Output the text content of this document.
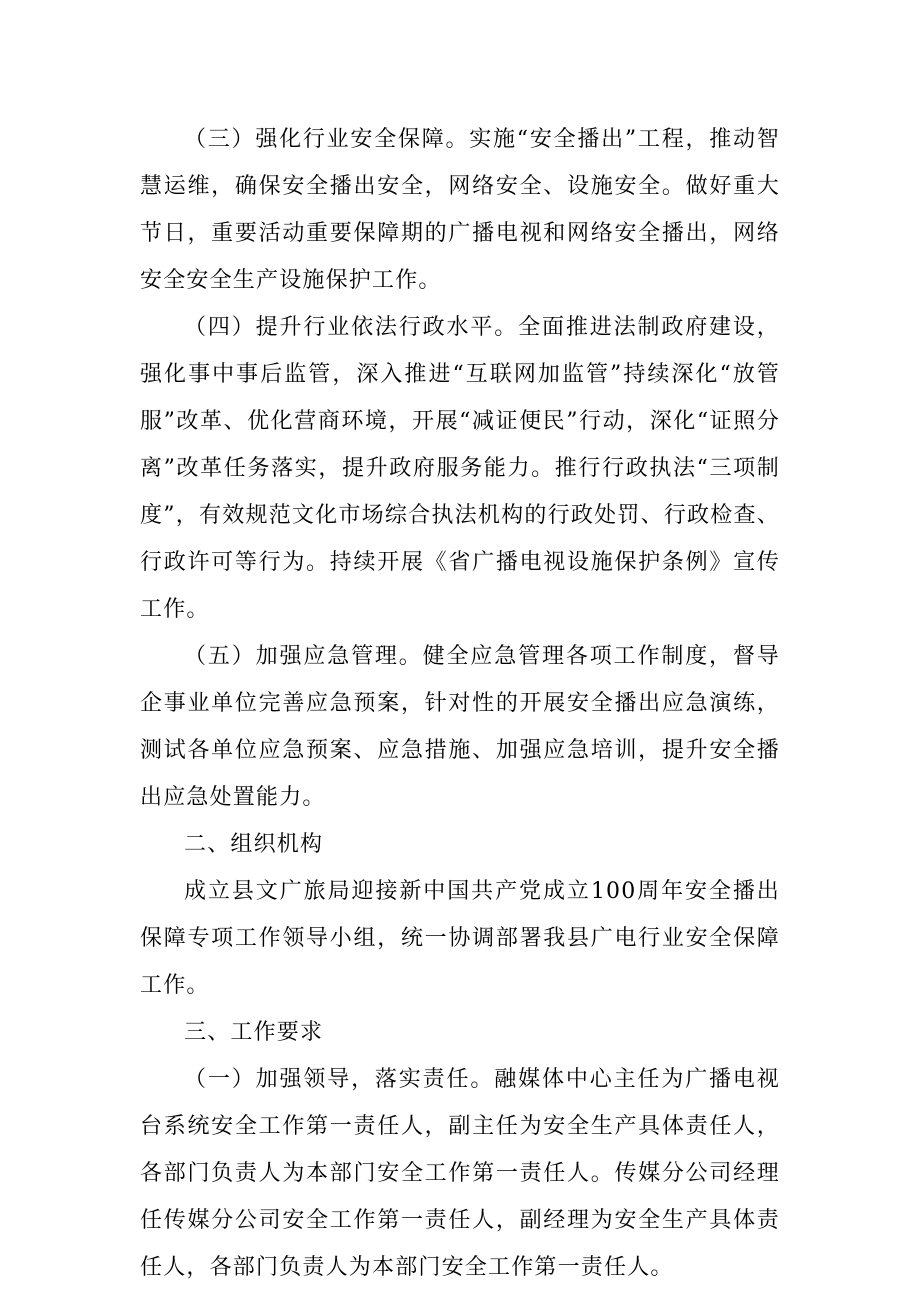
（三）强化行业安全保障。实施“安全播出”工程，推动智慧运维，确保安全播出安全，网络安全、设施安全。做好重大节日，重要活动重要保障期的广播电视和网络安全播出，网络安全安全生产设施保护工作。

（四）提升行业依法行政水平。全面推进法制政府建设，强化事中事后监管，深入推进“互联网加监管”持续深化“放管服”改革、优化营商环境，开展“减证便民”行动，深化“证照分离”改革任务落实，提升政府服务能力。推行行政执法“三项制度”，有效规范文化市场综合执法机构的行政处罚、行政检查、行政许可等行为。持续开展《省广播电视设施保护条例》宣传工作。

（五）加强应急管理。健全应急管理各项工作制度，督导企事业单位完善应急预案，针对性的开展安全播出应急演练，测试各单位应急预案、应急措施、加强应急培训，提升安全播出应急处置能力。

二、组织机构

成立县文广旅局迎接新中国共产党成立100周年安全播出保障专项工作领导小组，统一协调部署我县广电行业安全保障工作。

三、工作要求

（一）加强领导，落实责任。融媒体中心主任为广播电视台系统安全工作第一责任人，副主任为安全生产具体责任人，各部门负责人为本部门安全工作第一责任人。传媒分公司经理任传媒分公司安全工作第一责任人，副经理为安全生产具体责任人，各部门负责人为本部门安全工作第一责任人。
